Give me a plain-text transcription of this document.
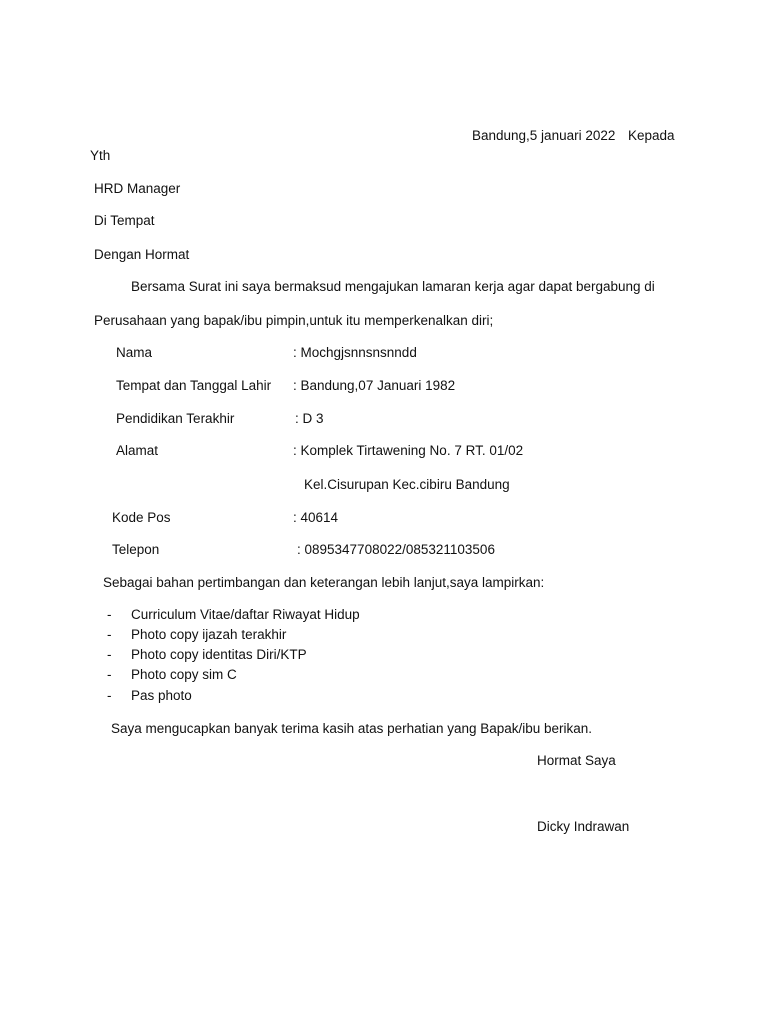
Bandung,5 januari 2022 Kepada
Yth
HRD Manager
Di Tempat
Dengan Hormat
Bersama Surat ini saya bermaksud mengajukan lamaran kerja agar dapat bergabung di
Perusahaan yang bapak/ibu pimpin,untuk itu memperkenalkan diri;
Nama	: Mochgjsnnsnsnndd
Tempat dan Tanggal Lahir : Bandung,07 Januari 1982
Pendidikan Terakhir	: D 3
Alamat	: Komplek Tirtawening No. 7 RT. 01/02
Kel.Cisurupan Kec.cibiru Bandung
Kode Pos	: 40614
Telepon	: 0895347708022/085321103506
Sebagai bahan pertimbangan dan keterangan lebih lanjut,saya lampirkan:
- Curriculum Vitae/daftar Riwayat Hidup
- Photo copy ijazah terakhir
- Photo copy identitas Diri/KTP
- Photo copy sim C
- Pas photo
Saya mengucapkan banyak terima kasih atas perhatian yang Bapak/ibu berikan.
Hormat Saya
Dicky Indrawan
